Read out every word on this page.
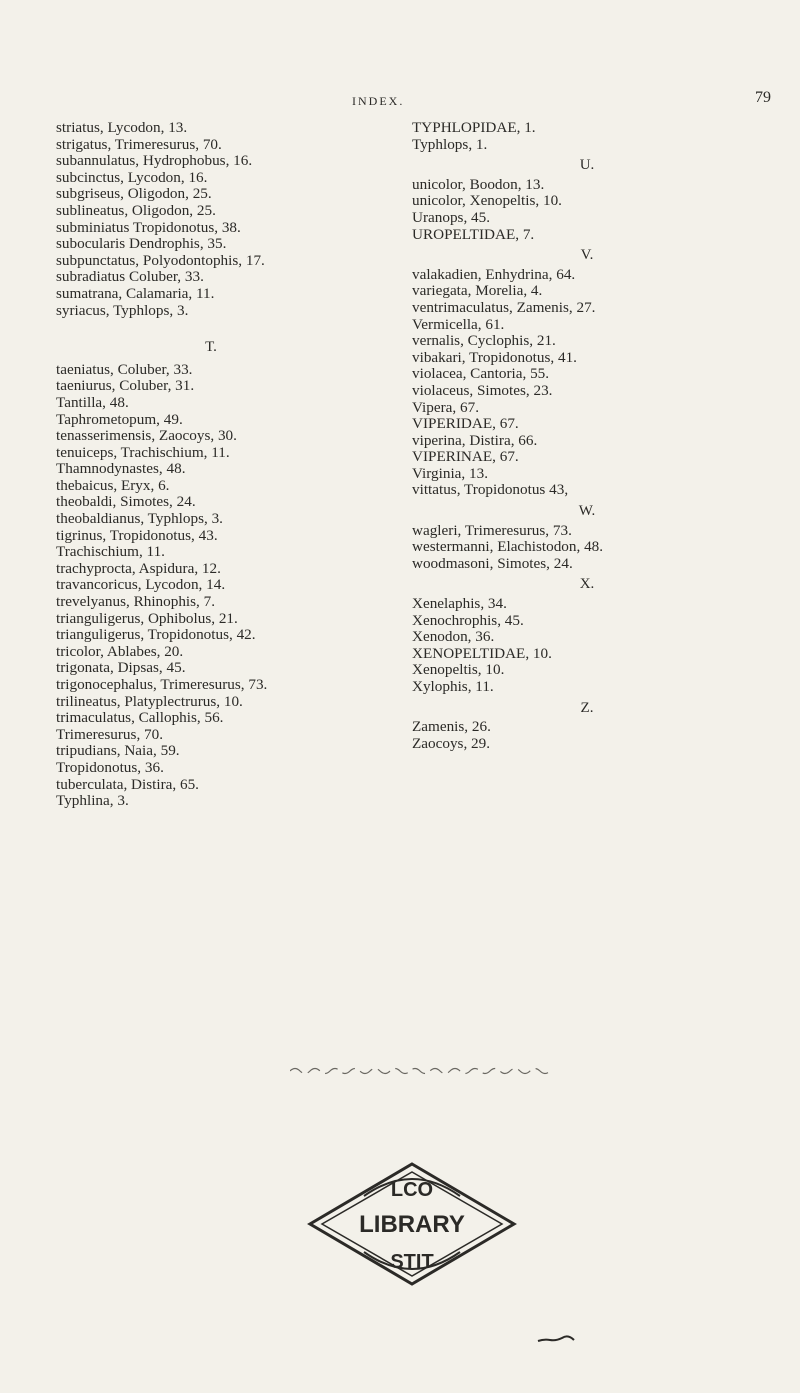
INDEX.	79
striatus, Lycodon, 13.
strigatus, Trimeresurus, 70.
subannulatus, Hydrophobus, 16.
subcinctus, Lycodon, 16.
subgriseus, Oligodon, 25.
sublineatus, Oligodon, 25.
subminiatus Tropidonotus, 38.
subocularis Dendrophis, 35.
subpunctatus, Polyodontophis, 17.
subradiatus Coluber, 33.
sumatrana, Calamaria, 11.
syriacus, Typhlops, 3.
T.
taeniatus, Coluber, 33.
taeniurus, Coluber, 31.
Tantilla, 48.
Taphrometopum, 49.
tenasserimensis, Zaocoys, 30.
tenuiceps, Trachischium, 11.
Thamnodynastes, 48.
thebaicus, Eryx, 6.
theobaldi, Simotes, 24.
theobaldianus, Typhlops, 3.
tigrinus, Tropidonotus, 43.
Trachischium, 11.
trachyprocta, Aspidura, 12.
travancoricus, Lycodon, 14.
trevelyanus, Rhinophis, 7.
trianguligerus, Ophibolus, 21.
trianguligerus, Tropidonotus, 42.
tricolor, Ablabes, 20.
trigonata, Dipsas, 45.
trigonocephalus, Trimeresurus, 73.
trilineatus, Platyplectrurus, 10.
trimaculatus, Callophis, 56.
Trimeresurus, 70.
tripudians, Naia, 59.
Tropidonotus, 36.
tuberculata, Distira, 65.
Typhlina, 3.
TYPHLOPIDAE, 1.
Typhlops, 1.
U.
unicolor, Boodon, 13.
unicolor, Xenopeltis, 10.
Uranops, 45.
UROPELTIDAE, 7.
V.
valakadien, Enhydrina, 64.
variegata, Morelia, 4.
ventrimaculatus, Zamenis, 27.
Vermicella, 61.
vernalis, Cyclophis, 21.
vibakari, Tropidonotus, 41.
violacea, Cantoria, 55.
violaceus, Simotes, 23.
Vipera, 67.
VIPERIDAE, 67.
viperina, Distira, 66.
VIPERINAE, 67.
Virginia, 13.
vittatus, Tropidonotus 43,
W.
wagleri, Trimeresurus, 73.
westermanni, Elachistodon, 48.
woodmasoni, Simotes, 24.
X.
Xenelaphis, 34.
Xenochrophis, 45.
Xenodon, 36.
XENOPELTIDAE, 10.
Xenopeltis, 10.
Xylophis, 11.
Z.
Zamenis, 26.
Zaocoys, 29.
LCO
LIBRARY
STIT
